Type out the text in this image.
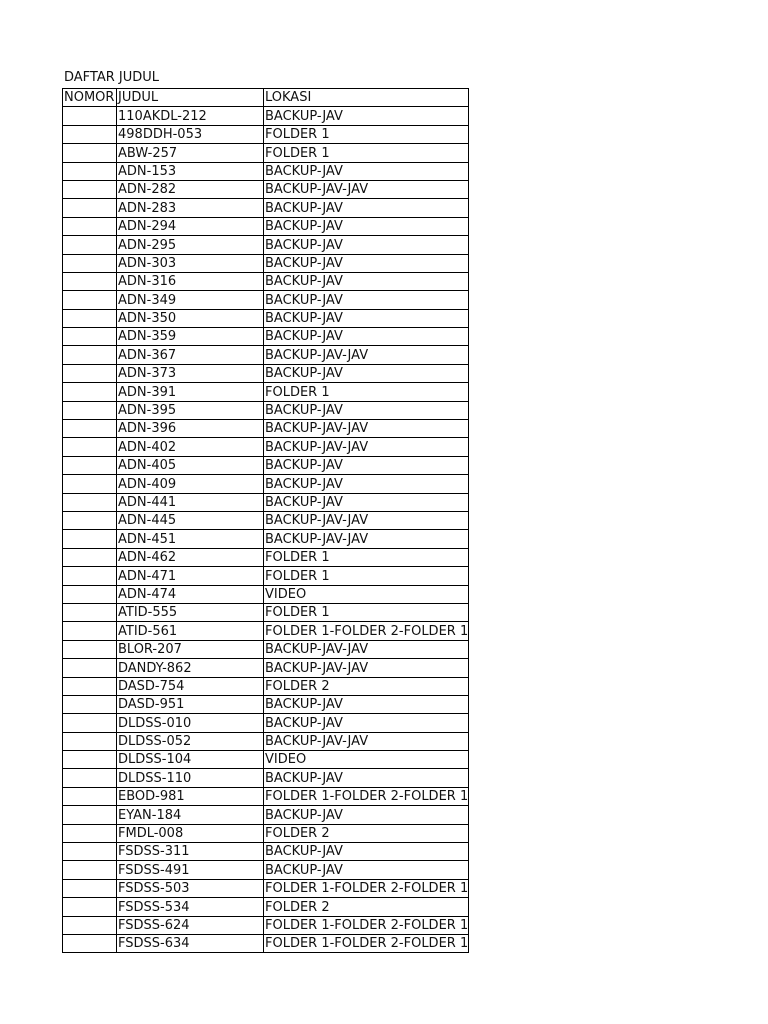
DAFTAR JUDUL
NOMOR	JUDUL	LOKASI
	110AKDL-212	BACKUP-JAV
	498DDH-053	FOLDER 1
	ABW-257	FOLDER 1
	ADN-153	BACKUP-JAV
	ADN-282	BACKUP-JAV-JAV
	ADN-283	BACKUP-JAV
	ADN-294	BACKUP-JAV
	ADN-295	BACKUP-JAV
	ADN-303	BACKUP-JAV
	ADN-316	BACKUP-JAV
	ADN-349	BACKUP-JAV
	ADN-350	BACKUP-JAV
	ADN-359	BACKUP-JAV
	ADN-367	BACKUP-JAV-JAV
	ADN-373	BACKUP-JAV
	ADN-391	FOLDER 1
	ADN-395	BACKUP-JAV
	ADN-396	BACKUP-JAV-JAV
	ADN-402	BACKUP-JAV-JAV
	ADN-405	BACKUP-JAV
	ADN-409	BACKUP-JAV
	ADN-441	BACKUP-JAV
	ADN-445	BACKUP-JAV-JAV
	ADN-451	BACKUP-JAV-JAV
	ADN-462	FOLDER 1
	ADN-471	FOLDER 1
	ADN-474	VIDEO
	ATID-555	FOLDER 1
	ATID-561	FOLDER 1-FOLDER 2-FOLDER 1
	BLOR-207	BACKUP-JAV-JAV
	DANDY-862	BACKUP-JAV-JAV
	DASD-754	FOLDER 2
	DASD-951	BACKUP-JAV
	DLDSS-010	BACKUP-JAV
	DLDSS-052	BACKUP-JAV-JAV
	DLDSS-104	VIDEO
	DLDSS-110	BACKUP-JAV
	EBOD-981	FOLDER 1-FOLDER 2-FOLDER 1
	EYAN-184	BACKUP-JAV
	FMDL-008	FOLDER 2
	FSDSS-311	BACKUP-JAV
	FSDSS-491	BACKUP-JAV
	FSDSS-503	FOLDER 1-FOLDER 2-FOLDER 1
	FSDSS-534	FOLDER 2
	FSDSS-624	FOLDER 1-FOLDER 2-FOLDER 1
	FSDSS-634	FOLDER 1-FOLDER 2-FOLDER 1
